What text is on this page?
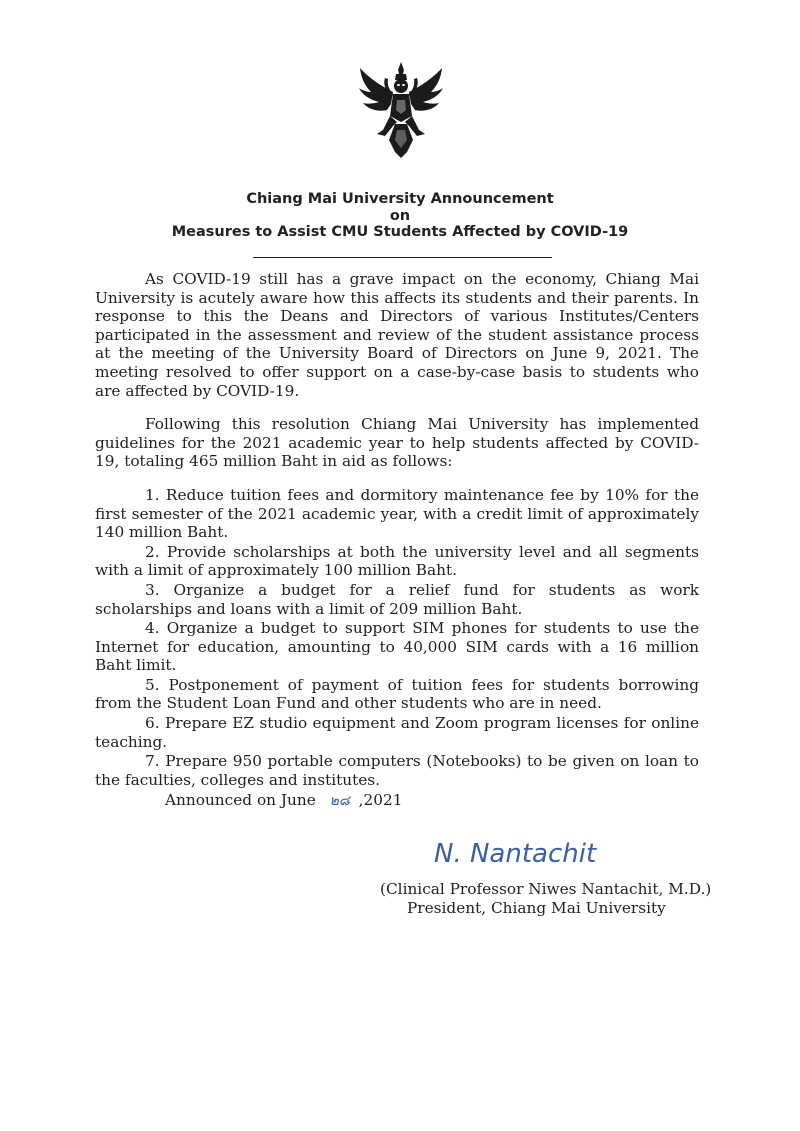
Chiang Mai University Announcement
on
Measures to Assist CMU Students Affected by COVID-19

As COVID-19 still has a grave impact on the economy, Chiang Mai University is acutely aware how this affects its students and their parents. In response to this the Deans and Directors of various Institutes/Centers participated in the assessment and review of the student assistance process at the meeting of the University Board of Directors on June 9, 2021. The meeting resolved to offer support on a case-by-case basis to students who are affected by COVID-19.

Following this resolution Chiang Mai University has implemented guidelines for the 2021 academic year to help students affected by COVID-19, totaling 465 million Baht in aid as follows:

1. Reduce tuition fees and dormitory maintenance fee by 10% for the first semester of the 2021 academic year, with a credit limit of approximately 140 million Baht.

2. Provide scholarships at both the university level and all segments with a limit of approximately 100 million Baht.

3. Organize a budget for a relief fund for students as work scholarships and loans with a limit of 209 million Baht.

4. Organize a budget to support SIM phones for students to use the Internet for education, amounting to 40,000 SIM cards with a 16 million Baht limit.

5. Postponement of payment of tuition fees for students borrowing from the Student Loan Fund and other students who are in need.

6. Prepare EZ studio equipment and Zoom program licenses for online teaching.

7. Prepare 950 portable computers (Notebooks) to be given on loan to the faculties, colleges and institutes.

Announced on June ๒๘ ,2021
N. Nantachit
(Clinical Professor Niwes Nantachit, M.D.)
President, Chiang Mai University
